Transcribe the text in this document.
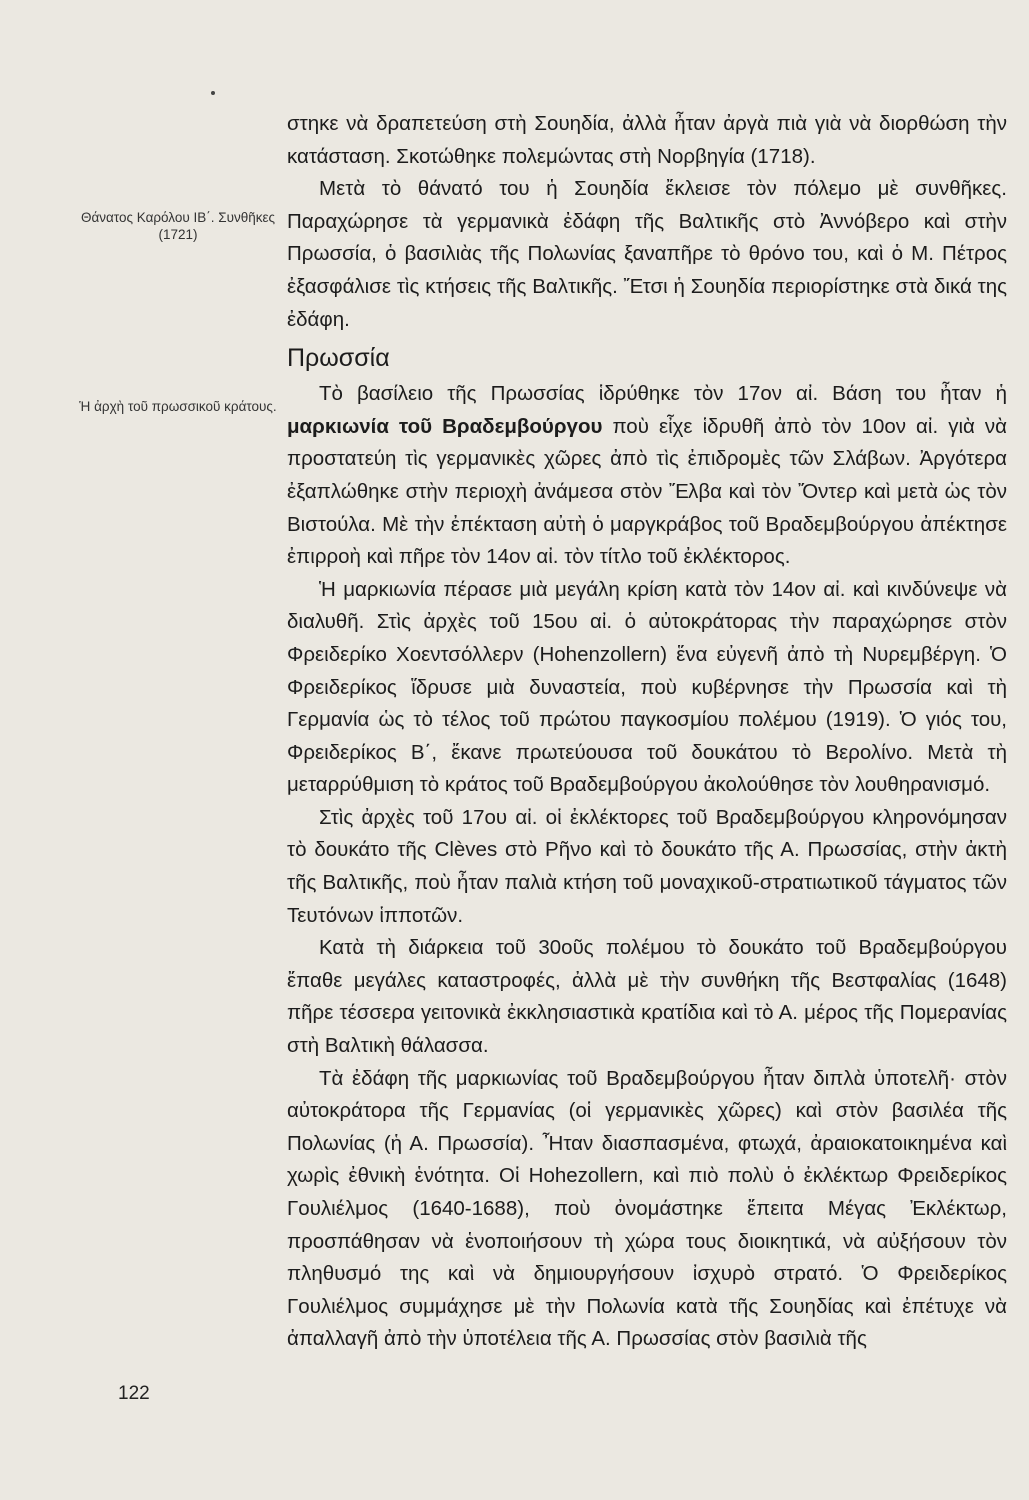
Θάνατος Καρόλου ΙΒ΄. Συνθῆκες (1721)
Ἡ ἀρχὴ τοῦ πρωσσικοῦ κράτους.

στηκε νὰ δραπετεύση στὴ Σουηδία, ἀλλὰ ἦταν ἀργὰ πιὰ γιὰ νὰ διορθώση τὴν κατάσταση. Σκοτώθηκε πολεμώντας στὴ Νορβηγία (1718).

Μετὰ τὸ θάνατό του ἡ Σουηδία ἔκλεισε τὸν πόλεμο μὲ συνθῆκες. Παραχώρησε τὰ γερμανικὰ ἐδάφη τῆς Βαλτικῆς στὸ Ἀννόβερο καὶ στὴν Πρωσσία, ὁ βασιλιὰς τῆς Πολωνίας ξαναπῆρε τὸ θρόνο του, καὶ ὁ Μ. Πέτρος ἐξασφάλισε τὶς κτήσεις τῆς Βαλτικῆς. Ἔτσι ἡ Σουηδία περιορίστηκε στὰ δικά της ἐδάφη.

Πρωσσία

Τὸ βασίλειο τῆς Πρωσσίας ἱδρύθηκε τὸν 17ον αἰ. Βάση του ἦταν ἡ μαρκιωνία τοῦ Βραδεμβούργου ποὺ εἶχε ἱδρυθῆ ἀπὸ τὸν 10ον αἰ. γιὰ νὰ προστατεύη τὶς γερμανικὲς χῶρες ἀπὸ τὶς ἐπιδρομὲς τῶν Σλάβων. Ἀργότερα ἐξαπλώθηκε στὴν περιοχὴ ἀνάμεσα στὸν Ἔλβα καὶ τὸν Ὄντερ καὶ μετὰ ὡς τὸν Βιστούλα. Μὲ τὴν ἐπέκταση αὐτὴ ὁ μαργκράβος τοῦ Βραδεμβούργου ἀπέκτησε ἐπιρροὴ καὶ πῆρε τὸν 14ον αἰ. τὸν τίτλο τοῦ ἐκλέκτορος.

Ἡ μαρκιωνία πέρασε μιὰ μεγάλη κρίση κατὰ τὸν 14ον αἰ. καὶ κινδύνεψε νὰ διαλυθῆ. Στὶς ἀρχὲς τοῦ 15ου αἰ. ὁ αὐτοκράτορας τὴν παραχώρησε στὸν Φρειδερίκο Χοεντσόλλερν (Hohenzollern) ἕνα εὐγενῆ ἀπὸ τὴ Νυρεμβέργη. Ὁ Φρειδερίκος ἵδρυσε μιὰ δυναστεία, ποὺ κυβέρνησε τὴν Πρωσσία καὶ τὴ Γερμανία ὡς τὸ τέλος τοῦ πρώτου παγκοσμίου πολέμου (1919). Ὁ γιός του, Φρειδερίκος Β΄, ἔκανε πρωτεύουσα τοῦ δουκάτου τὸ Βερολίνο. Μετὰ τὴ μεταρρύθμιση τὸ κράτος τοῦ Βραδεμβούργου ἀκολούθησε τὸν λουθηρανισμό.

Στὶς ἀρχὲς τοῦ 17ου αἰ. οἱ ἐκλέκτορες τοῦ Βραδεμβούργου κληρονόμησαν τὸ δουκάτο τῆς Clèves στὸ Ρῆνο καὶ τὸ δουκάτο τῆς Α. Πρωσσίας, στὴν ἀκτὴ τῆς Βαλτικῆς, ποὺ ἦταν παλιὰ κτήση τοῦ μοναχικοῦ-στρατιωτικοῦ τάγματος τῶν Τευτόνων ἱπποτῶν.

Κατὰ τὴ διάρκεια τοῦ 30οῦς πολέμου τὸ δουκάτο τοῦ Βραδεμβούργου ἔπαθε μεγάλες καταστροφές, ἀλλὰ μὲ τὴν συνθήκη τῆς Βεστφαλίας (1648) πῆρε τέσσερα γειτονικὰ ἐκκλησιαστικὰ κρατίδια καὶ τὸ Α. μέρος τῆς Πομερανίας στὴ Βαλτικὴ θάλασσα.

Τὰ ἐδάφη τῆς μαρκιωνίας τοῦ Βραδεμβούργου ἦταν διπλὰ ὑποτελῆ· στὸν αὐτοκράτορα τῆς Γερμανίας (οἱ γερμανικὲς χῶρες) καὶ στὸν βασιλέα τῆς Πολωνίας (ἡ Α. Πρωσσία). Ἦταν διασπασμένα, φτωχά, ἀραιοκατοικημένα καὶ χωρὶς ἐθνικὴ ἑνότητα. Οἱ Hohezollern, καὶ πιὸ πολὺ ὁ ἐκλέκτωρ Φρειδερίκος Γουλιέλμος (1640-1688), ποὺ ὀνομάστηκε ἔπειτα Μέγας Ἐκλέκτωρ, προσπάθησαν νὰ ἑνοποιήσουν τὴ χώρα τους διοικητικά, νὰ αὐξήσουν τὸν πληθυσμό της καὶ νὰ δημιουργήσουν ἰσχυρὸ στρατό. Ὁ Φρειδερίκος Γουλιέλμος συμμάχησε μὲ τὴν Πολωνία κατὰ τῆς Σουηδίας καὶ ἐπέτυχε νὰ ἀπαλλαγῆ ἀπὸ τὴν ὑποτέλεια τῆς Α. Πρωσσίας στὸν βασιλιὰ τῆς

122
